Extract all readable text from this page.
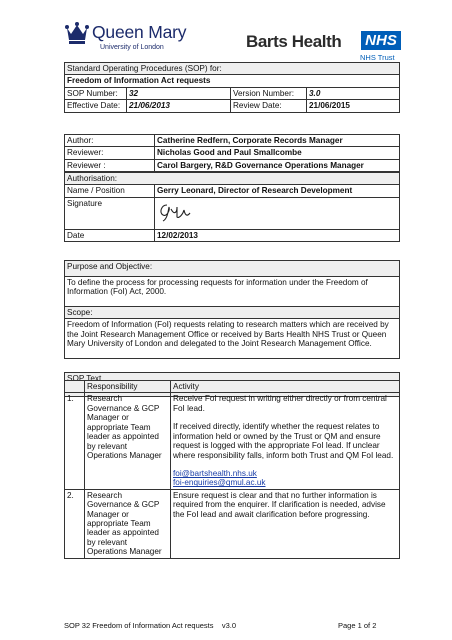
Queen Mary
University of London	Barts Health NHS
NHS Trust
Standard Operating Procedures (SOP) for:			
Freedom of Information Act requests			
SOP Number:	32	Version Number:	3.0
Effective Date:	21/06/2013	Review Date:	21/06/2015
Author:	Catherine Redfern, Corporate Records Manager
Reviewer:	Nicholas Good and Paul Smallcombe
Reviewer :	Carol Bargery, R&D Governance Operations Manager
Authorisation:	
Name / Position	Gerry Leonard, Director of Research Development
Signature	

Date	12/02/2013
Purpose and Objective:
To define the process for processing requests for information under the Freedom of Information (FoI) Act, 2000.
Scope:
Freedom of Information (FoI) requests relating to research matters which are received by the Joint Research Management Office or received by Barts Health NHS Trust or Queen Mary University of London and delegated to the Joint Research Management Office.

SOP Text
	Responsibility	Activity
1.	Research Governance & GCP Manager or appropriate Team leader as appointed by relevant Operations Manager	Receive FoI request in writing either directly or from central FoI lead.
If received directly, identify whether the request relates to information held or owned by the Trust or QM and ensure request is logged with the appropriate FoI lead. If unclear where responsibility falls, inform both Trust and QM FoI lead.
foi@bartshealth.nhs.uk
foi-enquiries@qmul.ac.uk

2.	Research Governance & GCP Manager or appropriate Team leader as appointed by relevant Operations Manager	Ensure request is clear and that no further information is required from the enquirer. If clarification is needed, advise the FoI lead and await clarification before progressing.
SOP 32 Freedom of Information Act requests    v3.0	Page 1 of 2
